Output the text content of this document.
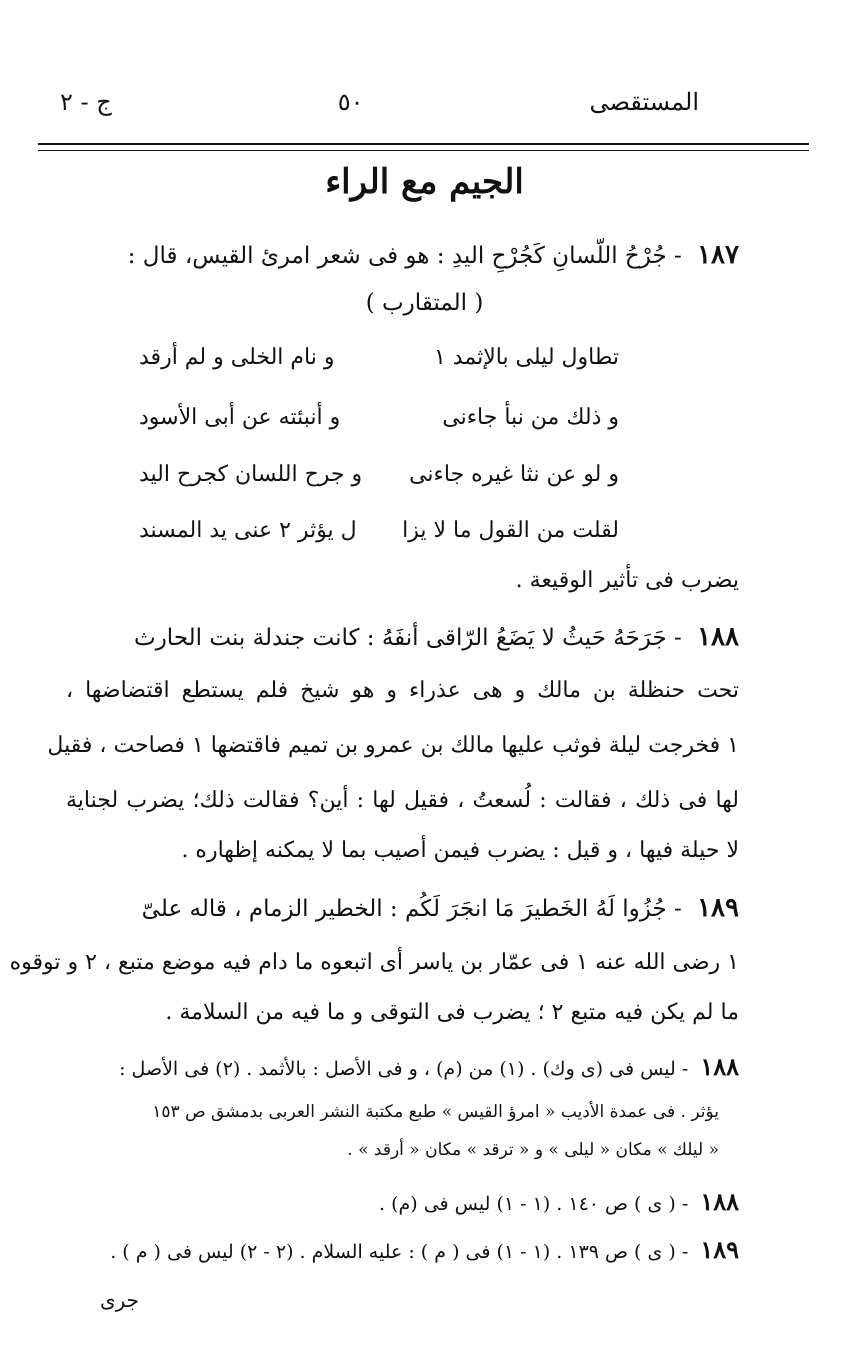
المستقصى
٥٠
ج - ٢
الجيم مع الراء
١٨٧ - جُرْحُ اللّسانِ كَجُرْحِ اليدِ : هو فى شعر امرئ القيس، قال :
( المتقارب )
تطاول ليلى بالإثمد ١
و نام الخلى و لم أرقد
و ذلك من نبأ جاءنى
و أنبئته عن أبى الأسود
و لو عن نثا غيره جاءنى
و جرح اللسان كجرح اليد
لقلت من القول ما لا يزا
ل يؤثر ٢ عنى يد المسند
يضرب فى تأثير الوقيعة .
١٨٨ - جَرَحَهُ حَيثُ لا يَضَعُ الرّاقى أنفَهُ : كانت جندلة بنت الحارث
تحت حنظلة بن مالك و هى عذراء و هو شيخ فلم يستطع اقتضاضها ،
١ فخرجت ليلة فوثب عليها مالك بن عمرو بن تميم فاقتضها ١ فصاحت ، فقيل
لها فى ذلك ، فقالت : لُسعتُ ، فقيل لها : أين؟ فقالت ذلك؛ يضرب لجناية
لا حيلة فيها ، و قيل : يضرب فيمن أصيب بما لا يمكنه إظهاره .
١٨٩ - جُزُوا لَهُ الخَطيرَ مَا انجَرَ لَكُم : الخطير الزمام ، قاله علىّ
١ رضى الله عنه ١ فى عمّار بن ياسر أى اتبعوه ما دام فيه موضع متبع ، ٢ و توقوه
ما لم يكن فيه متبع ٢ ؛ يضرب فى التوقى و ما فيه من السلامة .
١٨٨ - ليس فى (ى وك) . (١) من (م) ، و فى الأصل : بالأثمد . (٢) فى الأصل :
يؤثر . فى عمدة الأديب « امرؤ القيس » طبع مكتبة النشر العربى بدمشق ص ١٥٣
« ليلك » مكان « ليلى » و « ترقد » مكان « أرقد » .
١٨٨ - ( ى ) ص ١٤٠ . (١ - ١) ليس فى (م) .
١٨٩ - ( ى ) ص ١٣٩ . (١ - ١) فى ( م ) : عليه السلام . (٢ - ٢) ليس فى ( م ) .
جرى
